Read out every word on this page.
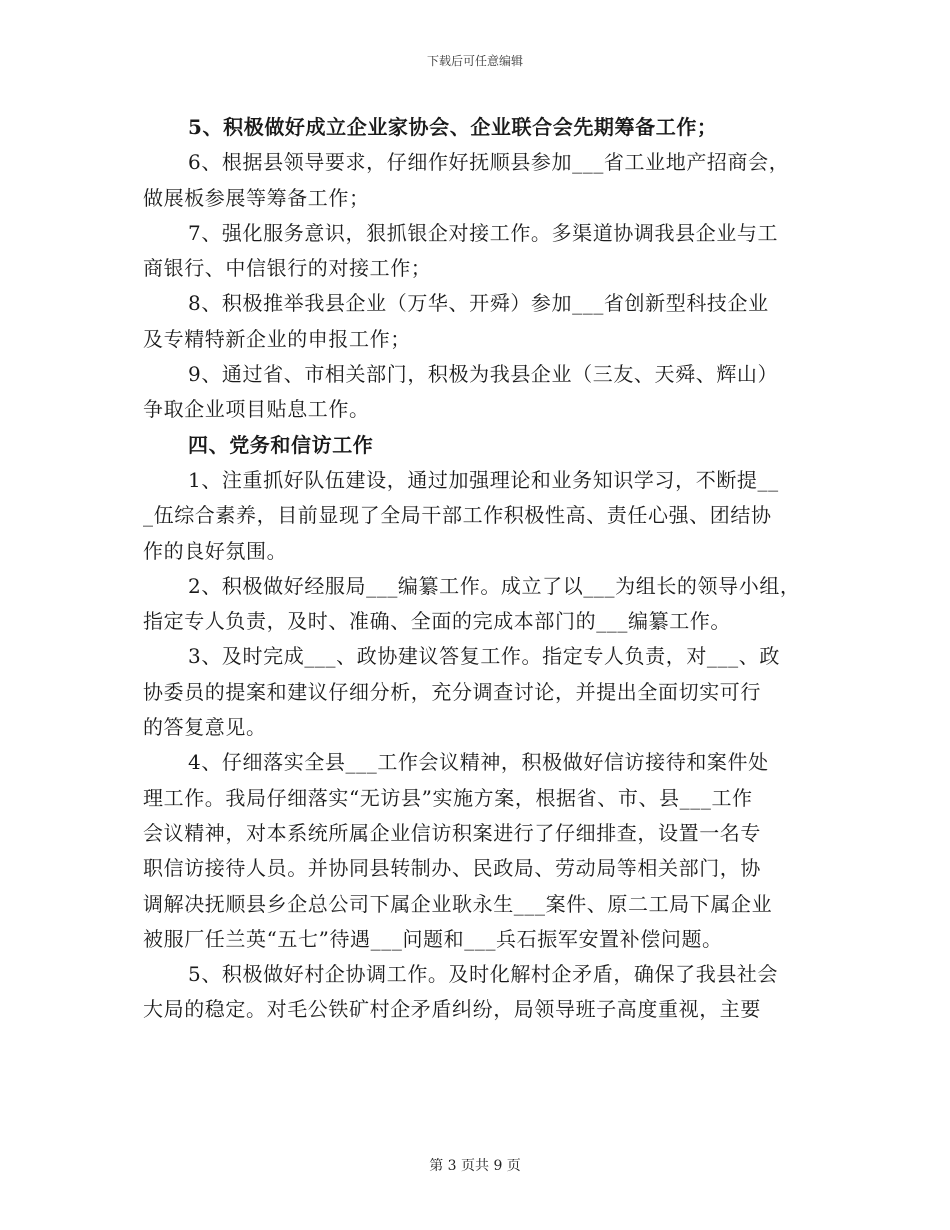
下载后可任意编辑
5、积极做好成立企业家协会、企业联合会先期筹备工作；
6、根据县领导要求，仔细作好抚顺县参加___省工业地产招商会，
做展板参展等筹备工作；
7、强化服务意识，狠抓银企对接工作。多渠道协调我县企业与工
商银行、中信银行的对接工作；
8、积极推举我县企业（万华、开舜）参加___省创新型科技企业
及专精特新企业的申报工作；
9、通过省、市相关部门，积极为我县企业（三友、天舜、辉山）
争取企业项目贴息工作。
四、党务和信访工作
1、注重抓好队伍建设，通过加强理论和业务知识学习，不断提__
_伍综合素养，目前显现了全局干部工作积极性高、责任心强、团结协
作的良好氛围。
2、积极做好经服局___编纂工作。成立了以___为组长的领导小组，
指定专人负责，及时、准确、全面的完成本部门的___编纂工作。
3、及时完成___、政协建议答复工作。指定专人负责，对___、政
协委员的提案和建议仔细分析，充分调查讨论，并提出全面切实可行
的答复意见。
4、仔细落实全县___工作会议精神，积极做好信访接待和案件处
理工作。我局仔细落实“无访县”实施方案，根据省、市、县___工作
会议精神，对本系统所属企业信访积案进行了仔细排查，设置一名专
职信访接待人员。并协同县转制办、民政局、劳动局等相关部门，协
调解决抚顺县乡企总公司下属企业耿永生___案件、原二工局下属企业
被服厂任兰英“五七”待遇___问题和___兵石振军安置补偿问题。
5、积极做好村企协调工作。及时化解村企矛盾，确保了我县社会
大局的稳定。对毛公铁矿村企矛盾纠纷，局领导班子高度重视，主要
第 3 页共 9 页
